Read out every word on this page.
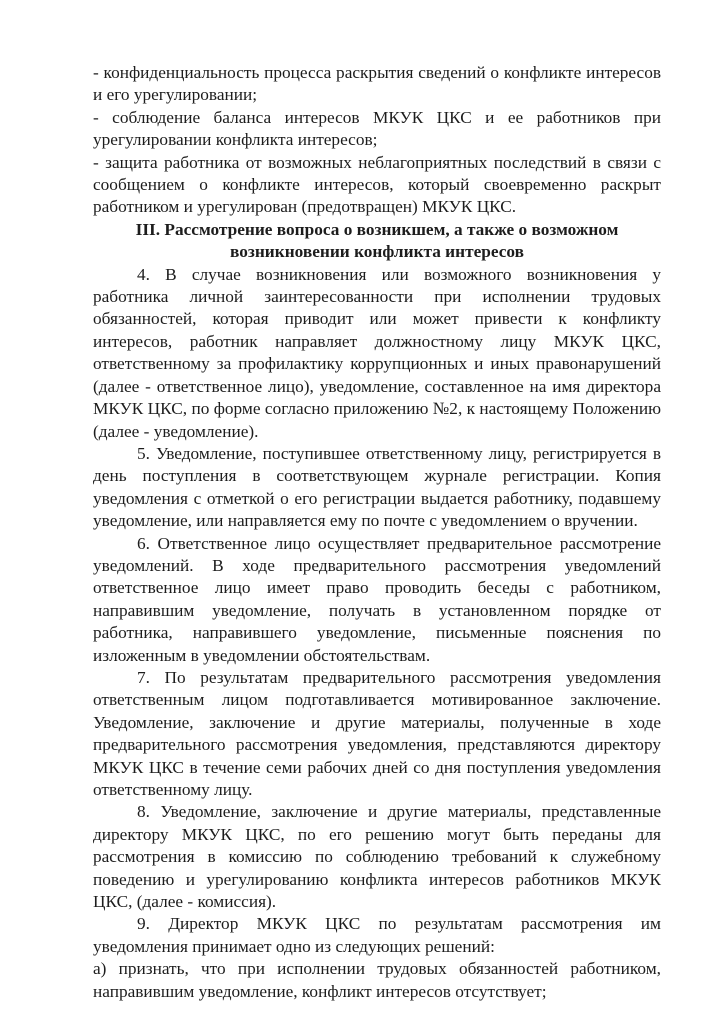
- конфиденциальность процесса раскрытия сведений о конфликте интересов и его урегулировании;

- соблюдение баланса интересов МКУК ЦКС и ее работников при урегулировании конфликта интересов;

- защита работника от возможных неблагоприятных последствий в связи с сообщением о конфликте интересов, который своевременно раскрыт работником и урегулирован (предотвращен) МКУК ЦКС.

III. Рассмотрение вопроса о возникшем, а также о возможном возникновении конфликта интересов

4. В случае возникновения или возможного возникновения у работника личной заинтересованности при исполнении трудовых обязанностей, которая приводит или может привести к конфликту интересов, работник направляет должностному лицу МКУК ЦКС, ответственному за профилактику коррупционных и иных правонарушений (далее - ответственное лицо), уведомление, составленное на имя директора МКУК ЦКС, по форме согласно приложению №2, к настоящему Положению (далее - уведомление).

5. Уведомление, поступившее ответственному лицу, регистрируется в день поступления в соответствующем журнале регистрации. Копия уведомления с отметкой о его регистрации выдается работнику, подавшему уведомление, или направляется ему по почте с уведомлением о вручении.

6. Ответственное лицо осуществляет предварительное рассмотрение уведомлений. В ходе предварительного рассмотрения уведомлений ответственное лицо имеет право проводить беседы с работником, направившим уведомление, получать в установленном порядке от работника, направившего уведомление, письменные пояснения по изложенным в уведомлении обстоятельствам.

7. По результатам предварительного рассмотрения уведомления ответственным лицом подготавливается мотивированное заключение. Уведомление, заключение и другие материалы, полученные в ходе предварительного рассмотрения уведомления, представляются директору МКУК ЦКС в течение семи рабочих дней со дня поступления уведомления ответственному лицу.

8. Уведомление, заключение и другие материалы, представленные директору МКУК ЦКС, по его решению могут быть переданы для рассмотрения в комиссию по соблюдению требований к служебному поведению и урегулированию конфликта интересов работников МКУК ЦКС, (далее - комиссия).

9. Директор МКУК ЦКС по результатам рассмотрения им уведомления принимает одно из следующих решений:

а) признать, что при исполнении трудовых обязанностей работником, направившим уведомление, конфликт интересов отсутствует;
